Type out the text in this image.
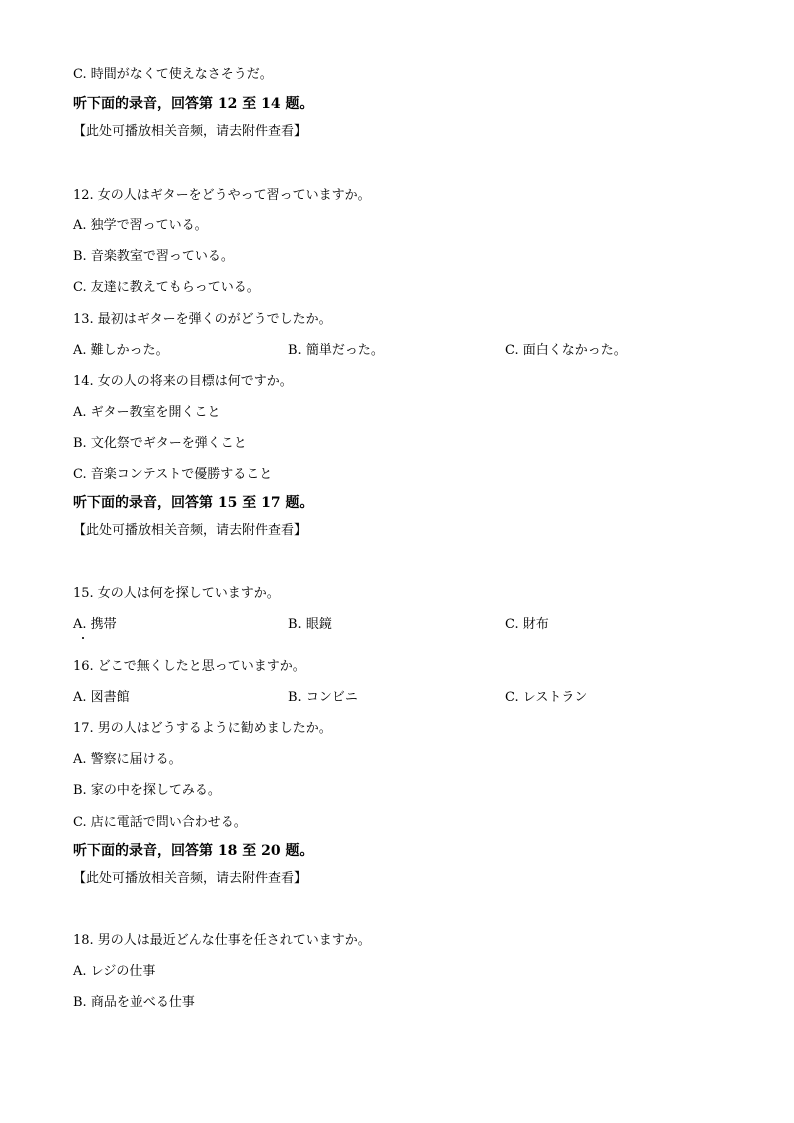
C. 時間がなくて使えなさそうだ。
听下面的录音，回答第 12 至 14 题。
【此处可播放相关音频，请去附件查看】
12. 女の人はギターをどうやって習っていますか。
A. 独学で習っている。
B. 音楽教室で習っている。
C. 友達に教えてもらっている。
13. 最初はギターを弾くのがどうでしたか。
A. 難しかった。	B. 簡単だった。	C. 面白くなかった。
14. 女の人の将来の目標は何ですか。
A. ギター教室を開くこと
B. 文化祭でギターを弾くこと
C. 音楽コンテストで優勝すること
听下面的录音，回答第 15 至 17 题。
【此处可播放相关音频，请去附件查看】
15. 女の人は何を探していますか。
A. 携帯	B. 眼鏡	C. 財布
16. どこで無くしたと思っていますか。
A. 図書館	B. コンビニ	C. レストラン
17. 男の人はどうするように勧めましたか。
A. 警察に届ける。
B. 家の中を探してみる。
C. 店に電話で問い合わせる。
听下面的录音，回答第 18 至 20 题。
【此处可播放相关音频，请去附件查看】
18. 男の人は最近どんな仕事を任されていますか。
A. レジの仕事
B. 商品を並べる仕事
